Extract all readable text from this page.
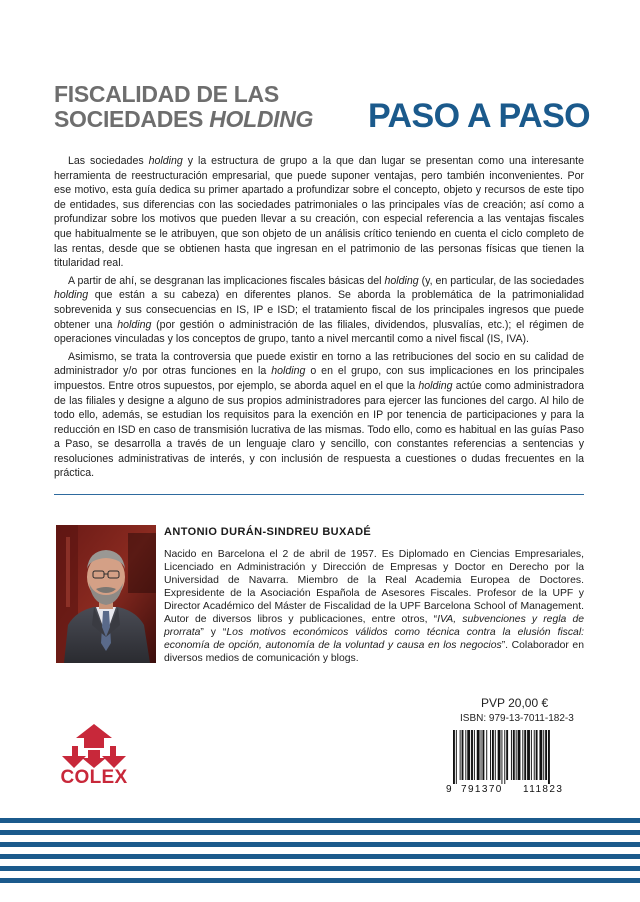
FISCALIDAD DE LAS
SOCIEDADES HOLDING	PASO A PASO

Las sociedades holding y la estructura de grupo a la que dan lugar se presentan como una interesante herramienta de reestructuración empresarial, que puede suponer ventajas, pero también inconvenientes. Por ese motivo, esta guía dedica su primer apartado a profundizar sobre el concepto, objeto y recursos de este tipo de entidades, sus diferencias con las sociedades patrimoniales o las principales vías de creación; así como a profundizar sobre los motivos que pueden llevar a su creación, con especial referencia a las ventajas fiscales que habitualmente se le atribuyen, que son objeto de un análisis crítico teniendo en cuenta el ciclo completo de las rentas, desde que se obtienen hasta que ingresan en el patrimonio de las personas físicas que tienen la titularidad real.

A partir de ahí, se desgranan las implicaciones fiscales básicas del holding (y, en particular, de las sociedades holding que están a su cabeza) en diferentes planos. Se aborda la problemática de la patrimonialidad sobrevenida y sus consecuencias en IS, IP e ISD; el tratamiento fiscal de los principales ingresos que puede obtener una holding (por gestión o administración de las filiales, dividendos, plusvalías, etc.); el régimen de operaciones vinculadas y los conceptos de grupo, tanto a nivel mercantil como a nivel fiscal (IS, IVA).

Asimismo, se trata la controversia que puede existir en torno a las retribuciones del socio en su calidad de administrador y/o por otras funciones en la holding o en el grupo, con sus implicaciones en los principales impuestos. Entre otros supuestos, por ejemplo, se aborda aquel en el que la holding actúe como administradora de las filiales y designe a alguno de sus propios administradores para ejercer las funciones del cargo. Al hilo de todo ello, además, se estudian los requisitos para la exención en IP por tenencia de participaciones y para la reducción en ISD en caso de transmisión lucrativa de las mismas. Todo ello, como es habitual en las guías Paso a Paso, se desarrolla a través de un lenguaje claro y sencillo, con constantes referencias a sentencias y resoluciones administrativas de interés, y con inclusión de respuesta a cuestiones o dudas frecuentes en la práctica.

ANTONIO DURÁN-SINDREU BUXADÉ
Nacido en Barcelona el 2 de abril de 1957. Es Diplomado en Ciencias Empresariales, Licenciado en Administración y Dirección de Empresas y Doctor en Derecho por la Universidad de Navarra. Miembro de la Real Academia Europea de Doctores. Expresidente de la Asociación Española de Asesores Fiscales. Profesor de la UPF y Director Académico del Máster de Fiscalidad de la UPF Barcelona School of Management. Autor de diversos libros y publicaciones, entre otros, “IVA, subvenciones y regla de prorrata” y “Los motivos económicos válidos como técnica contra la elusión fiscal: economía de opción, autonomía de la voluntad y causa en los negocios”. Colaborador en diversos medios de comunicación y blogs.
PVP 20,00 €
ISBN: 979-13-7011-182-3
9 791370 111823
COLEX
